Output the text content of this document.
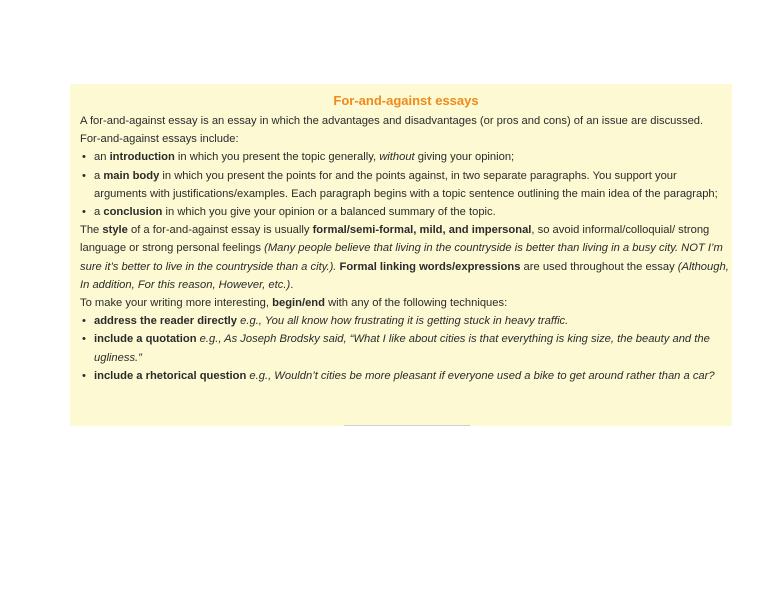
For-and-against essays

A for-and-against essay is an essay in which the advantages and disadvantages (or pros and cons) of an issue are discussed.

For-and-against essays include:

• an introduction in which you present the topic generally, without giving your opinion;
• a main body in which you present the points for and the points against, in two separate paragraphs. You support your arguments with justifications/examples. Each paragraph begins with a topic sentence outlining the main idea of the paragraph;
• a conclusion in which you give your opinion or a balanced summary of the topic.

The style of a for-and-against essay is usually formal/semi-formal, mild, and impersonal, so avoid informal/colloquial/ strong language or strong personal feelings (Many people believe that living in the countryside is better than living in a busy city. NOT I’m sure it’s better to live in the countryside than a city.). Formal linking words/expressions are used throughout the essay (Although, In addition, For this reason, However, etc.).

To make your writing more interesting, begin/end with any of the following techniques:

• address the reader directly e.g., You all know how frustrating it is getting stuck in heavy traffic.
• include a quotation e.g., As Joseph Brodsky said, “What I like about cities is that everything is king size, the beauty and the ugliness.”
• include a rhetorical question e.g., Wouldn’t cities be more pleasant if everyone used a bike to get around rather than a car?
